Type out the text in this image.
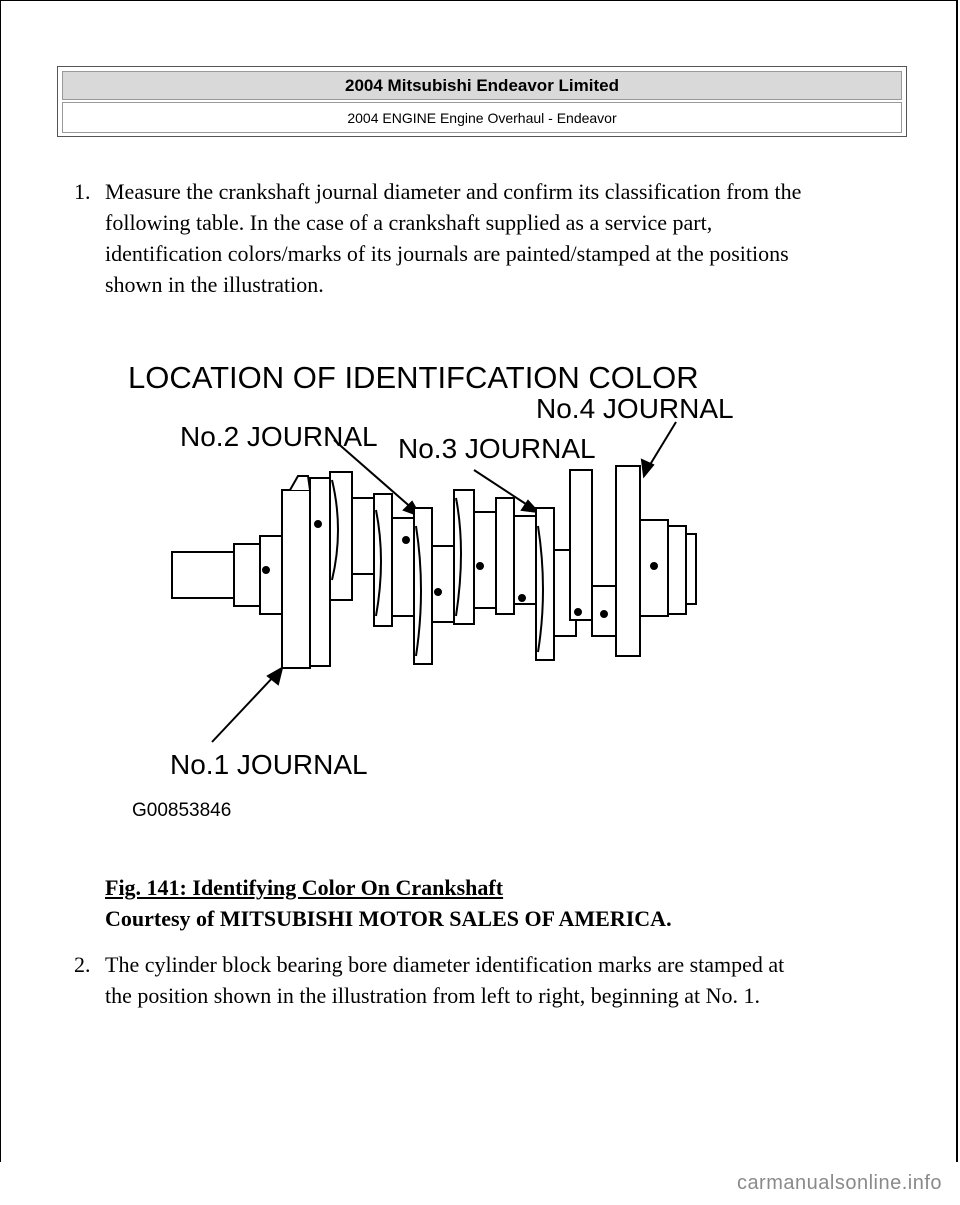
2004 Mitsubishi Endeavor Limited
2004 ENGINE Engine Overhaul - Endeavor
1. Measure the crankshaft journal diameter and confirm its classification from the
following table. In the case of a crankshaft supplied as a service part,
identification colors/marks of its journals are painted/stamped at the positions
shown in the illustration.
LOCATION OF IDENTIFCATION COLOR
No.4 JOURNAL
No.2 JOURNAL No.3 JOURNAL
No.1 JOURNAL
G00853846
Fig. 141: Identifying Color On Crankshaft
Courtesy of MITSUBISHI MOTOR SALES OF AMERICA.
2. The cylinder block bearing bore diameter identification marks are stamped at
the position shown in the illustration from left to right, beginning at No. 1.
carmanualsonline.info
